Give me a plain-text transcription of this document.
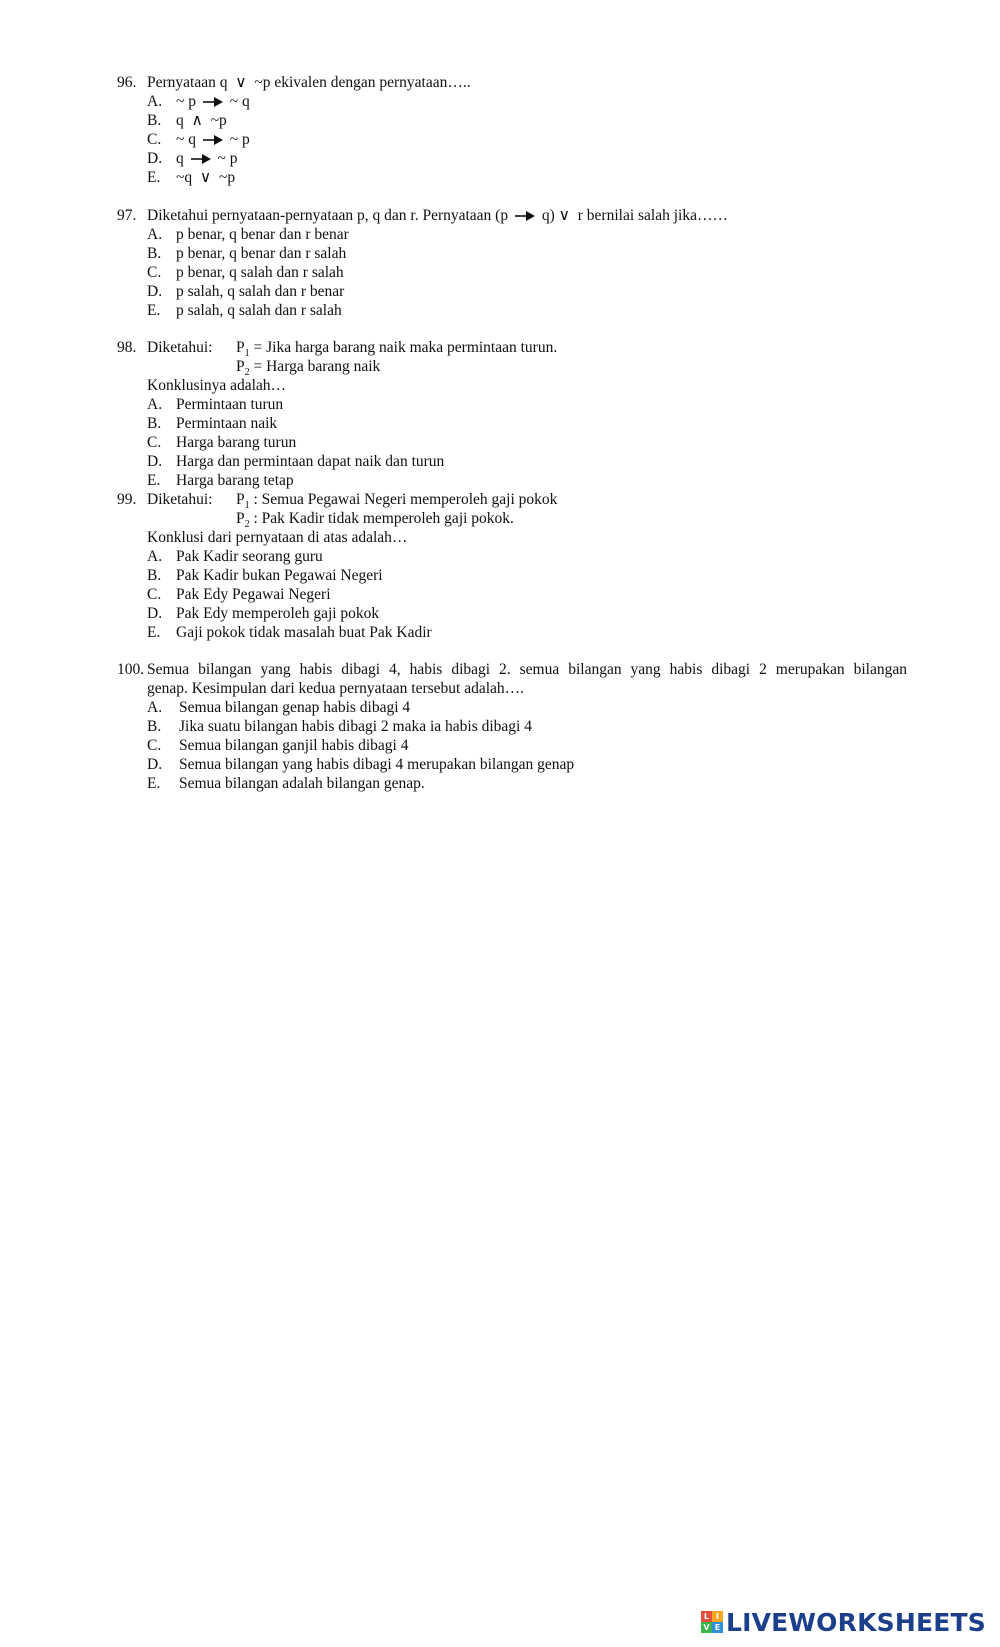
96. Pernyataan q  ∨  ~p ekivalen dengan pernyataan…..
A. ~ p ~ q
B. q  ∧  ~p
C. ~ q ~ p
D. q ~ p
E. ~q  ∨  ~p
97. Diketahui pernyataan-pernyataan p, q dan r. Pernyataan (p q) ∨  r bernilai salah jika……
A. p benar, q benar dan r benar
B. p benar, q benar dan r salah
C. p benar, q salah dan r salah
D. p salah, q salah dan r benar
E. p salah, q salah dan r salah
98. Diketahui: $P_1$ = Jika harga barang naik maka permintaan turun.
$P_2$ = Harga barang naik
Konklusinya adalah…
A. Permintaan turun
B. Permintaan naik
C. Harga barang turun
D. Harga dan permintaan dapat naik dan turun
E. Harga barang tetap
99. Diketahui: $P_1$ : Semua Pegawai Negeri memperoleh gaji pokok
$P_2$ : Pak Kadir tidak memperoleh gaji pokok.
Konklusi dari pernyataan di atas adalah…
A. Pak Kadir seorang guru
B. Pak Kadir bukan Pegawai Negeri
C. Pak Edy Pegawai Negeri
D. Pak Edy memperoleh gaji pokok
E. Gaji pokok tidak masalah buat Pak Kadir
100. Semua bilangan yang habis dibagi 4, habis dibagi 2. semua bilangan yang habis dibagi 2 merupakan bilangan
genap. Kesimpulan dari kedua pernyataan tersebut adalah….
A. Semua bilangan genap habis dibagi 4
B. Jika suatu bilangan habis dibagi 2 maka ia habis dibagi 4
C. Semua bilangan ganjil habis dibagi 4
D. Semua bilangan yang habis dibagi 4 merupakan bilangan genap
E. Semua bilangan adalah bilangan genap.
L I
V E LIVEWORKSHEETS
